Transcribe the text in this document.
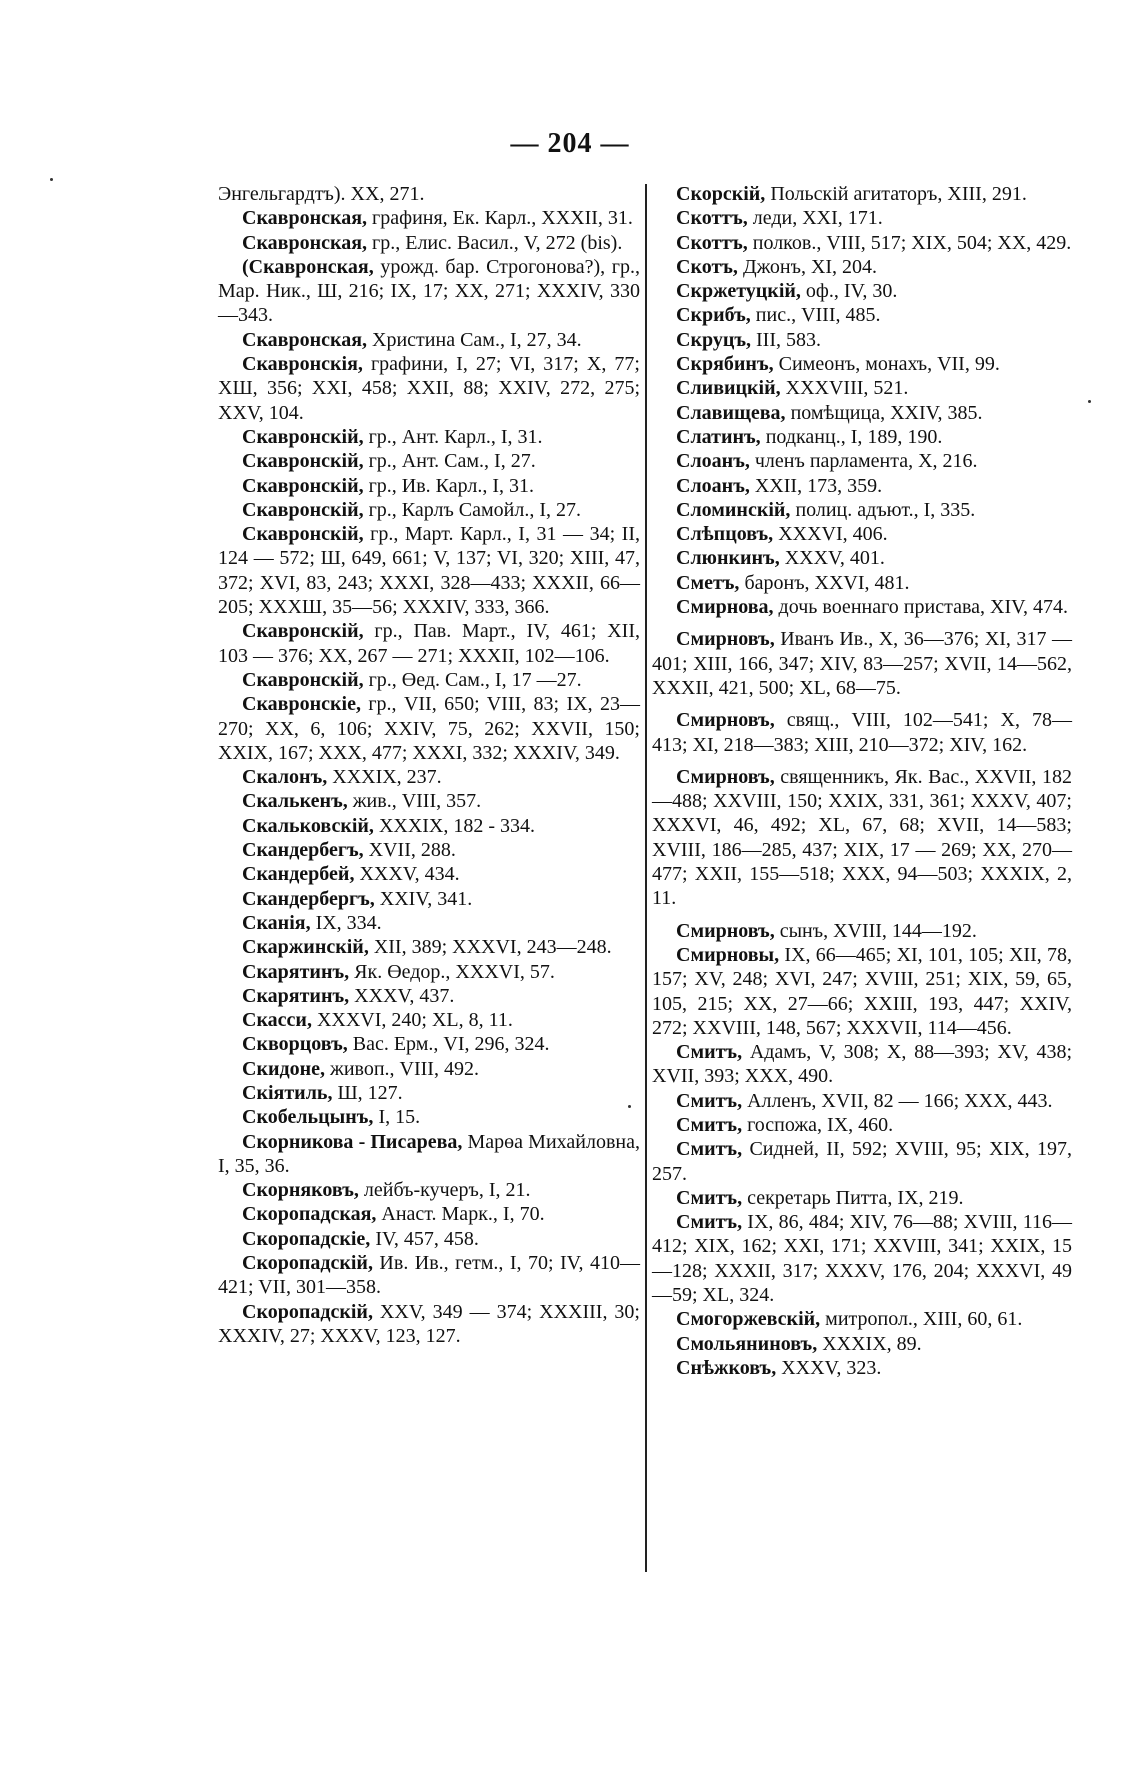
— 204 —

Энгельгардтъ). XX, 271.

Скавронская, графиня, Ек. Карл., XXXII, 31.

Скавронская, гр., Елис. Васил., V, 272 (bis).

(Скавронская, урожд. бар. Строгонова?), гр., Мар. Ник., Ш, 216; IX, 17; XX, 271; XXXIV, 330—343.

Скавронская, Христина Сам., I, 27, 34.

Скавронскія, графини, I, 27; VI, 317; X, 77; ХШ, 356; XXI, 458; XXII, 88; XXIV, 272, 275; XXV, 104.

Скавронскій, гр., Ант. Карл., I, 31.

Скавронскій, гр., Ант. Сам., I, 27.

Скавронскій, гр., Ив. Карл., I, 31.

Скавронскій, гр., Карлъ Самойл., I, 27.

Скавронскій, гр., Март. Карл., I, 31 — 34; II, 124 — 572; Ш, 649, 661; V, 137; VI, 320; XIII, 47, 372; XVI, 83, 243; XXXI, 328—433; XXXII, 66—205; XXXШ, 35—56; XXXIV, 333, 366.

Скавронскій, гр., Пав. Март., IV, 461; XII, 103 — 376; XX, 267 — 271; XXXII, 102—106.

Скавронскій, гр., Өед. Сам., I, 17 —27.

Скавронскіе, гр., VII, 650; VIII, 83; IX, 23—270; XX, 6, 106; XXIV, 75, 262; XXVII, 150; XXIX, 167; XXX, 477; XXXI, 332; XXXIV, 349.

Скалонъ, XXXIX, 237.

Скалькенъ, жив., VIII, 357.

Скальковскій, XXXIX, 182 - 334.

Скандербегъ, XVII, 288.

Скандербей, XXXV, 434.

Скандербергъ, XXIV, 341.

Сканія, IX, 334.

Скаржинскій, XII, 389; XXXVI, 243—248.

Скарятинъ, Як. Өедор., XXXVI, 57.

Скарятинъ, XXXV, 437.

Скасси, XXXVI, 240; XL, 8, 11.

Скворцовъ, Вас. Ерм., VI, 296, 324.

Скидоне, живоп., VIII, 492.

Скіятиль, Ш, 127.

Скобельцынъ, I, 15.

Скорникова - Писарева, Марөа Михайловна, I, 35, 36.

Скорняковъ, лейбъ-кучеръ, I, 21.

Скоропадская, Анаст. Марк., I, 70.

Скоропадскіе, IV, 457, 458.

Скоропадскій, Ив. Ив., гетм., I, 70; IV, 410—421; VII, 301—358.

Скоропадскій, XXV, 349 — 374; XXXIII, 30; XXXIV, 27; XXXV, 123, 127.

Скорскій, Польскій агитаторъ, XIII, 291.

Скоттъ, леди, XXI, 171.

Скоттъ, полков., VIII, 517; XIX, 504; XX, 429.

Скотъ, Джонъ, XI, 204.

Скржетуцкій, оф., IV, 30.

Скрибъ, пис., VIII, 485.

Скруцъ, III, 583.

Скрябинъ, Симеонъ, монахъ, VII, 99.

Сливицкій, XXXVIII, 521.

Славищева, помѣщица, XXIV, 385.

Слатинъ, подканц., I, 189, 190.

Слоанъ, членъ парламента, X, 216.

Слоанъ, XXII, 173, 359.

Сломинскій, полиц. адъют., I, 335.

Слѣпцовъ, XXXVI, 406.

Слюнкинъ, XXXV, 401.

Сметъ, баронъ, XXVI, 481.

Смирнова, дочь военнаго пристава, XIV, 474.

Смирновъ, Иванъ Ив., X, 36—376; XI, 317 — 401; XIII, 166, 347; XIV, 83—257; XVII, 14—562, XXXII, 421, 500; XL, 68—75.

Смирновъ, свящ., VIII, 102—541; X, 78—413; XI, 218—383; XIII, 210—372; XIV, 162.

Смирновъ, священникъ, Як. Вас., XXVII, 182—488; XXVIII, 150; XXIX, 331, 361; XXXV, 407; XXXVI, 46, 492; XL, 67, 68; XVII, 14—583; XVIII, 186—285, 437; XIX, 17 — 269; XX, 270—477; XXII, 155—518; XXX, 94—503; XXXIX, 2, 11.

Смирновъ, сынъ, XVIII, 144—192.

Смирновы, IX, 66—465; XI, 101, 105; XII, 78, 157; XV, 248; XVI, 247; XVIII, 251; XIX, 59, 65, 105, 215; XX, 27—66; XXIII, 193, 447; XXIV, 272; XXVIII, 148, 567; XXXVII, 114—456.

Смитъ, Адамъ, V, 308; X, 88—393; XV, 438; XVII, 393; XXX, 490.

Смитъ, Алленъ, XVII, 82 — 166; XXX, 443.

Смитъ, госпожа, IX, 460.

Смитъ, Сидней, II, 592; XVIII, 95; XIX, 197, 257.

Смитъ, секретарь Питта, IX, 219.

Смитъ, IX, 86, 484; XIV, 76—88; XVIII, 116—412; XIX, 162; XXI, 171; XXVIII, 341; XXIX, 15—128; XXXII, 317; XXXV, 176, 204; XXXVI, 49—59; XL, 324.

Смогоржевскій, митропол., XIII, 60, 61.

Смольяниновъ, XXXIX, 89.

Снѣжковъ, XXXV, 323.
